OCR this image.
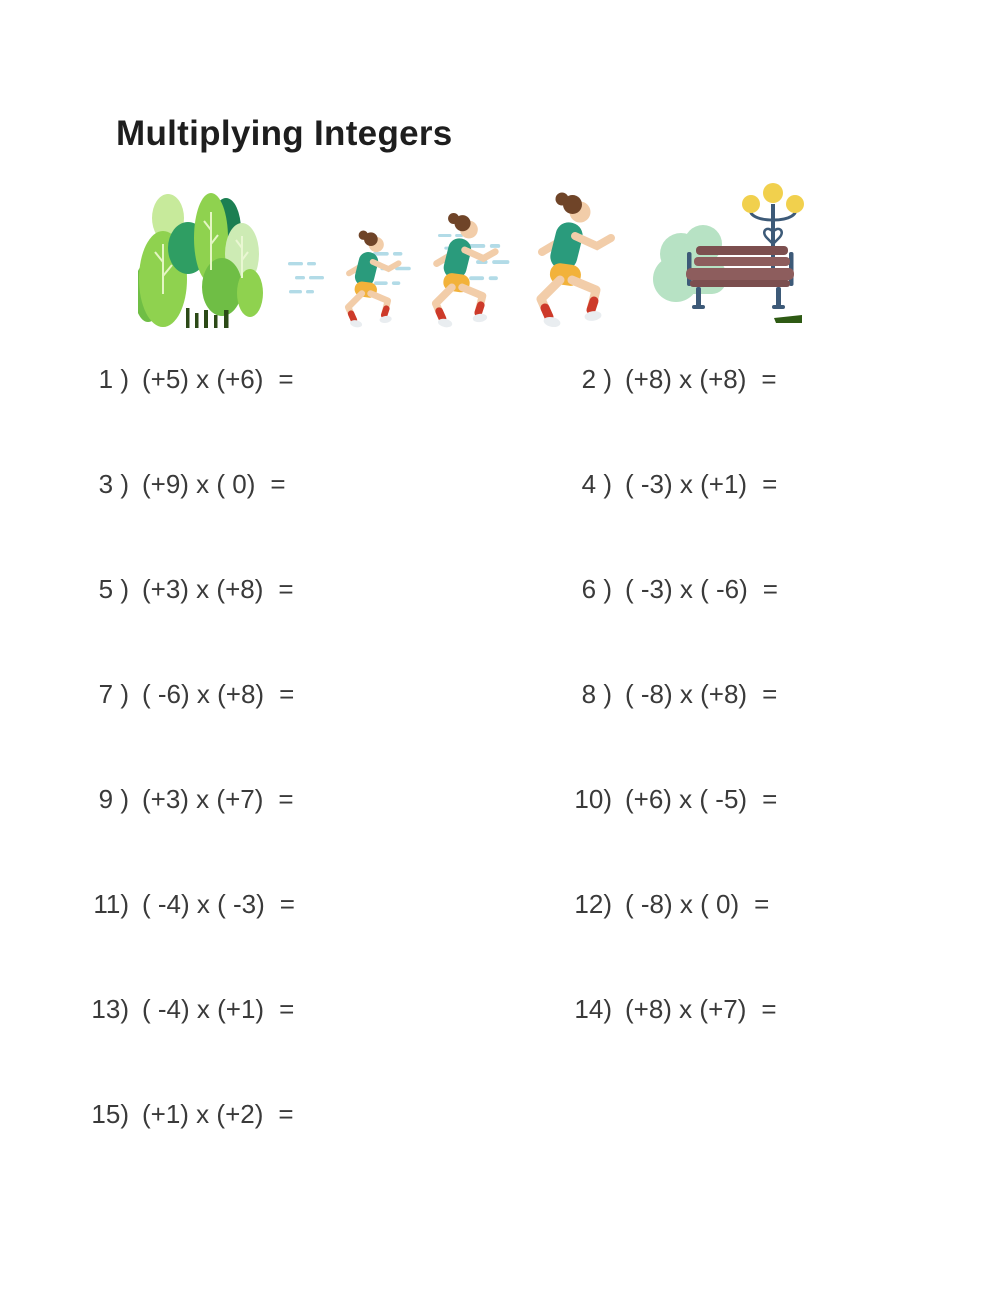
Multiplying Integers
1 ) (+5) x (+6) =	2 ) (+8) x (+8) =
3 ) (+9) x ( 0) =	4 ) ( -3) x (+1) =
5 ) (+3) x (+8) =	6 ) ( -3) x ( -6) =
7 ) ( -6) x (+8) =	8 ) ( -8) x (+8) =
9 ) (+3) x (+7) =	10) (+6) x ( -5) =
11) ( -4) x ( -3) =	12) ( -8) x ( 0) =
13) ( -4) x (+1) =	14) (+8) x (+7) =
15) (+1) x (+2) =
